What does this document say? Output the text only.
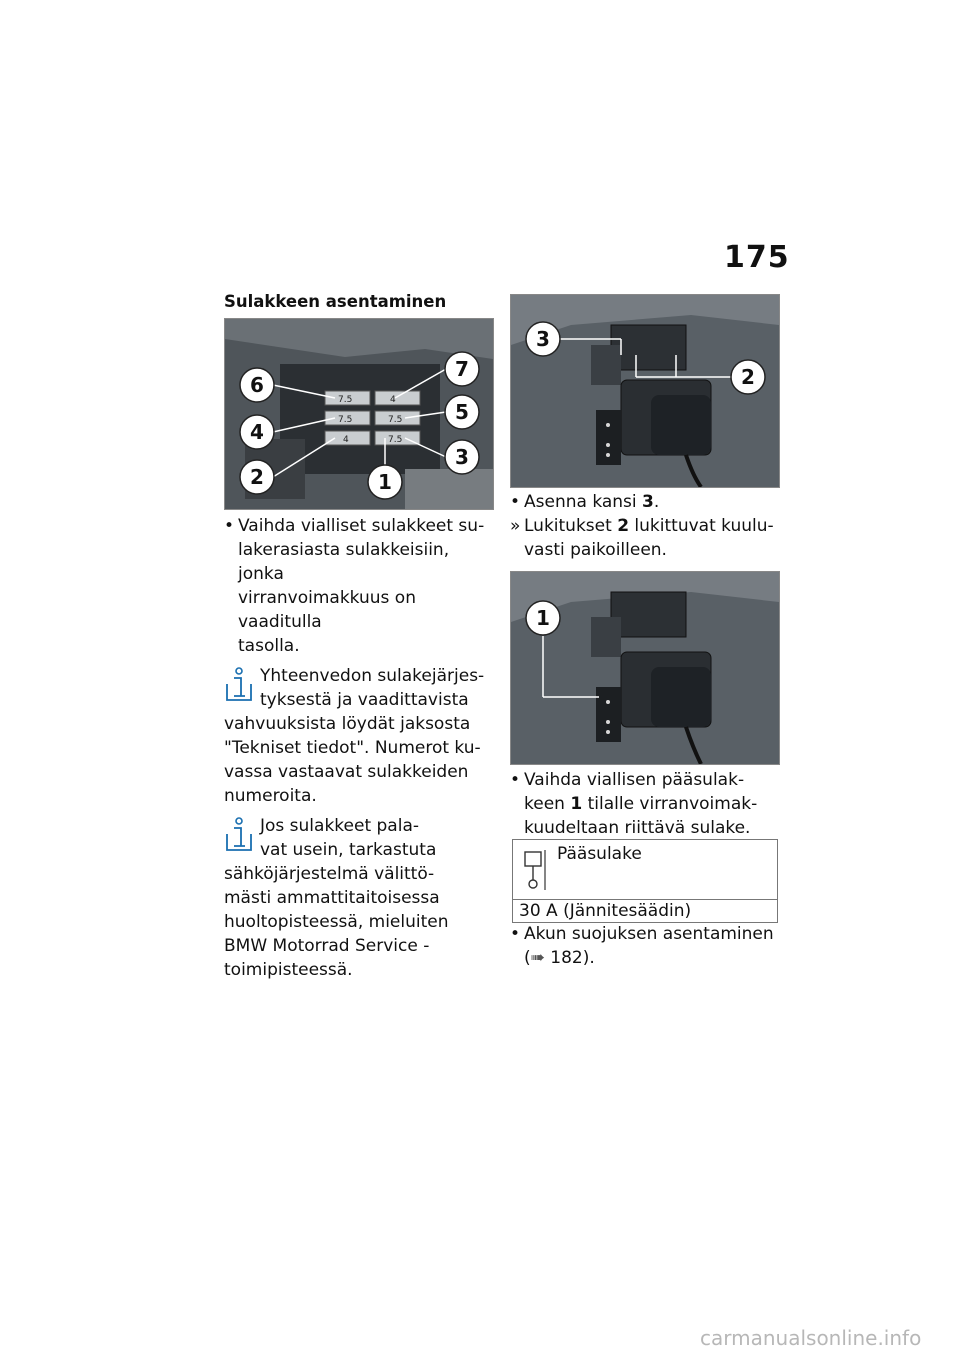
175
Sulakkeen asentaminen
7.5	4
7.5	7.5
4	7.5
6
4
2
7
5
3
1
• Vaihda vialliset sulakkeet su-
lakerasiasta sulakkeisiin, jonka
virranvoimakkuus on vaaditulla
tasolla.
Yhteenvedon sulakejärjes-
tyksestä ja vaadittavista
vahvuuksista löydät jaksosta
"Tekniset tiedot". Numerot ku-
vassa vastaavat sulakkeiden
numeroita.
Jos sulakkeet pala-
vat usein, tarkastuta
sähköjärjestelmä välittö-
mästi ammattitaitoisessa
huoltopisteessä, mieluiten
BMW Motorrad Service -
toimipisteessä.
3
2
• Asenna kansi 3.
» Lukitukset 2 lukittuvat kuulu-
vasti paikoilleen.
1
• Vaihda viallisen pääsulak-
keen 1 tilalle virranvoimak-
kuudeltaan riittävä sulake.
Pääsulake
30 A (Jännitesäädin)
• Akun suojuksen asentaminen
(➠ 182).
carmanualsonline.info
